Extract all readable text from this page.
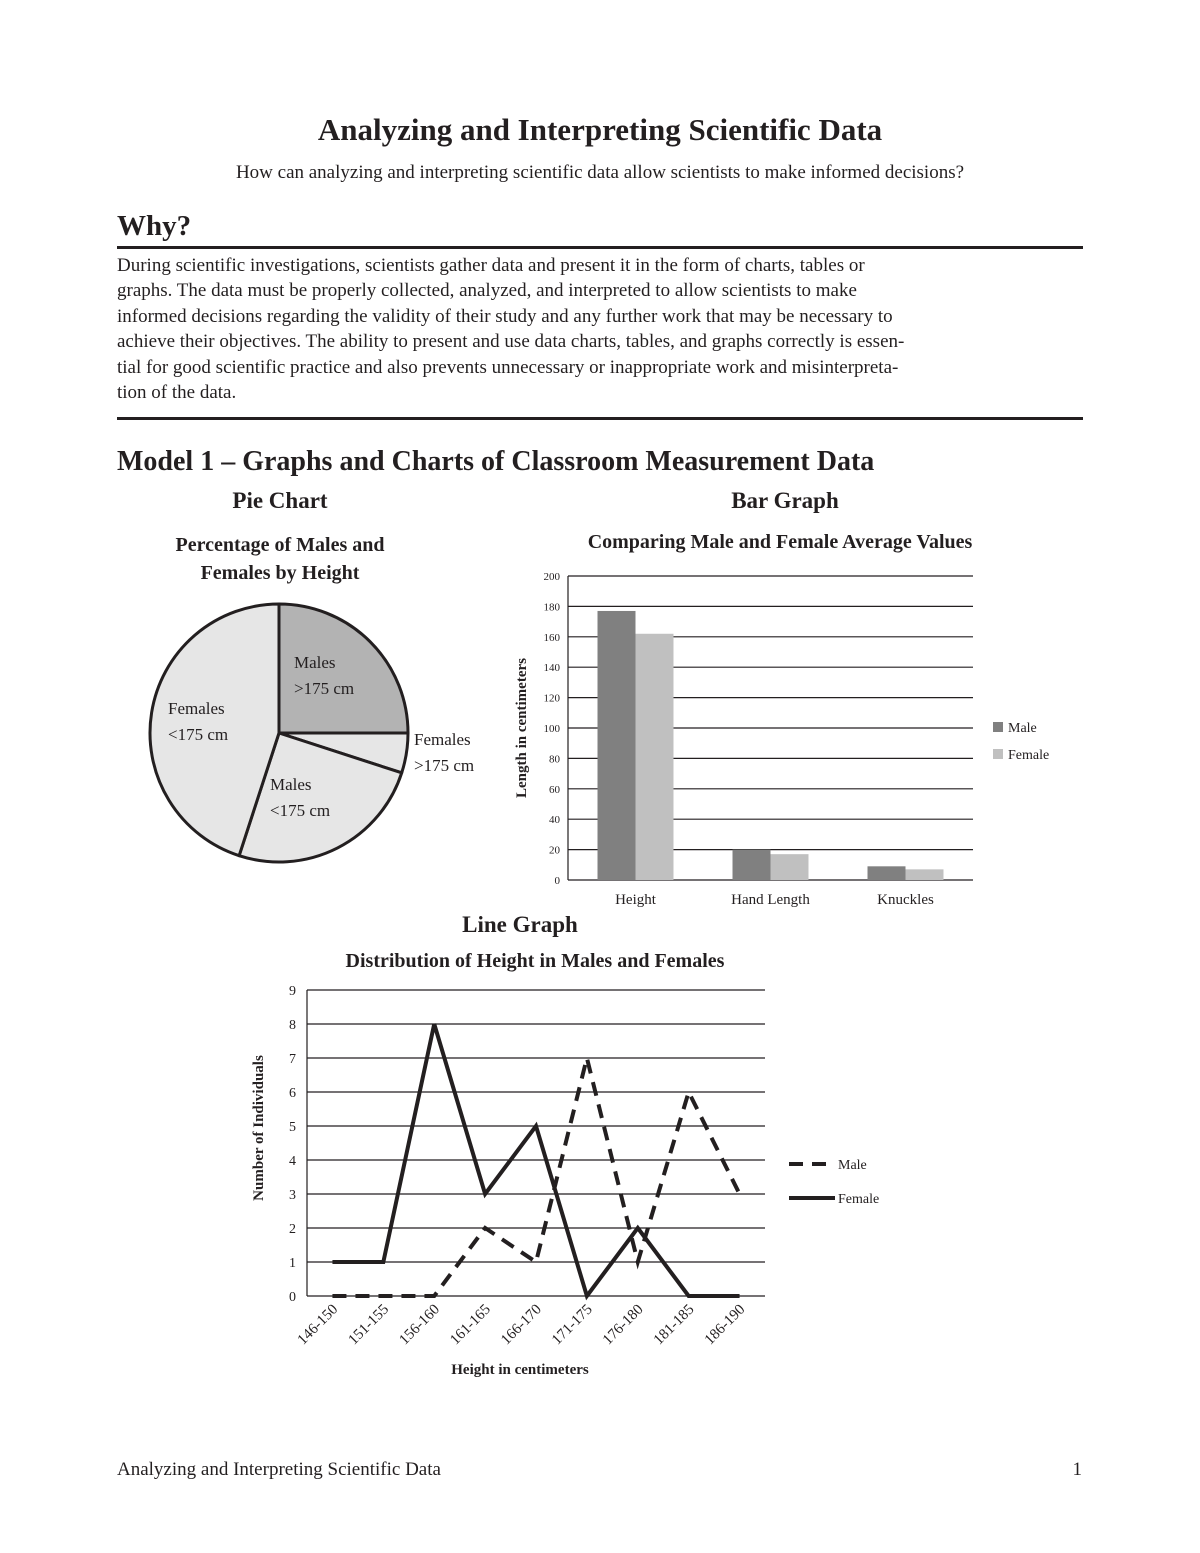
Analyzing and Interpreting Scientific Data
How can analyzing and interpreting scientific data allow scientists to make informed decisions?
Why?
During scientific investigations, scientists gather data and present it in the form of charts, tables or
graphs. The data must be properly collected, analyzed, and interpreted to allow scientists to make
informed decisions regarding the validity of their study and any further work that may be necessary to
achieve their objectives. The ability to present and use data charts, tables, and graphs correctly is essen-
tial for good scientific practice and also prevents unnecessary or inappropriate work and misinterpreta-
tion of the data.
Model 1 – Graphs and Charts of Classroom Measurement Data
Pie Chart
Percentage of Males and
Females by Height
Males
>175 cm
Females
>175 cm
Males
<175 cm
Females
<175 cm
Bar Graph
Comparing Male and Female Average Values
0
20
40
60
80
100
120
140
160
180
200
Height	Hand Length	Knuckles
Length in centimeters	Male
Female
Line Graph
Distribution of Height in Males and Females
0
1
2
3
4
5
6
7
8
9
146-150 151-155 156-160 161-165 166-170 171-175 176-180 181-185 186-190
Height in centimeters
Number of Individuals	Male
Female
Analyzing and Interpreting Scientific Data	1
